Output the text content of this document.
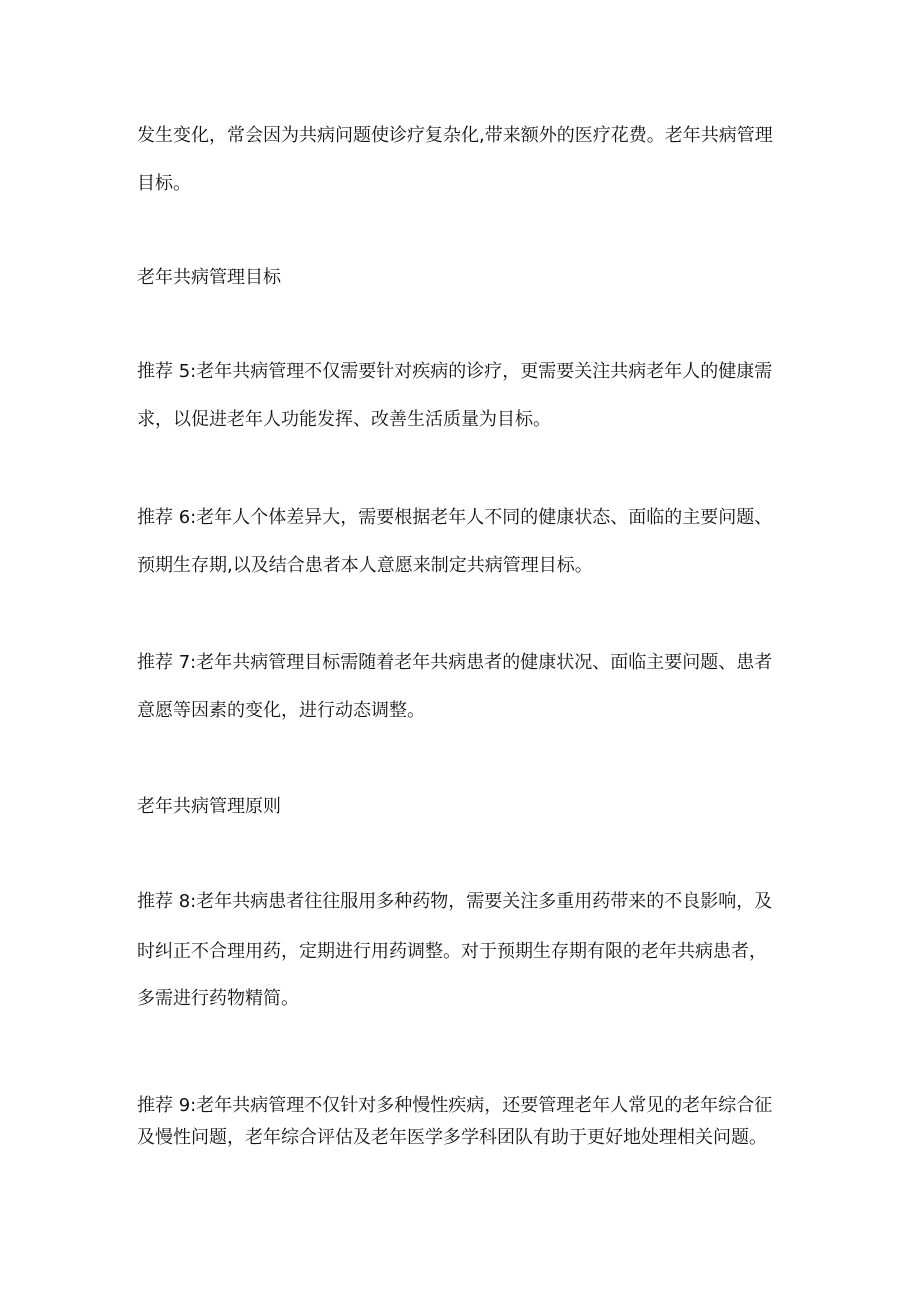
发生变化，常会因为共病问题使诊疗复杂化,带来额外的医疗花费。老年共病管理

目标。

老年共病管理目标

推荐 5:老年共病管理不仅需要针对疾病的诊疗，更需要关注共病老年人的健康需

求，以促进老年人功能发挥、改善生活质量为目标。

推荐 6:老年人个体差异大，需要根据老年人不同的健康状态、面临的主要问题、

预期生存期,以及结合患者本人意愿来制定共病管理目标。

推荐 7:老年共病管理目标需随着老年共病患者的健康状况、面临主要问题、患者

意愿等因素的变化，进行动态调整。

老年共病管理原则

推荐 8:老年共病患者往往服用多种药物，需要关注多重用药带来的不良影响，及

时纠正不合理用药，定期进行用药调整。对于预期生存期有限的老年共病患者，

多需进行药物精简。

推荐 9:老年共病管理不仅针对多种慢性疾病，还要管理老年人常见的老年综合征

及慢性问题，老年综合评估及老年医学多学科团队有助于更好地处理相关问题。
